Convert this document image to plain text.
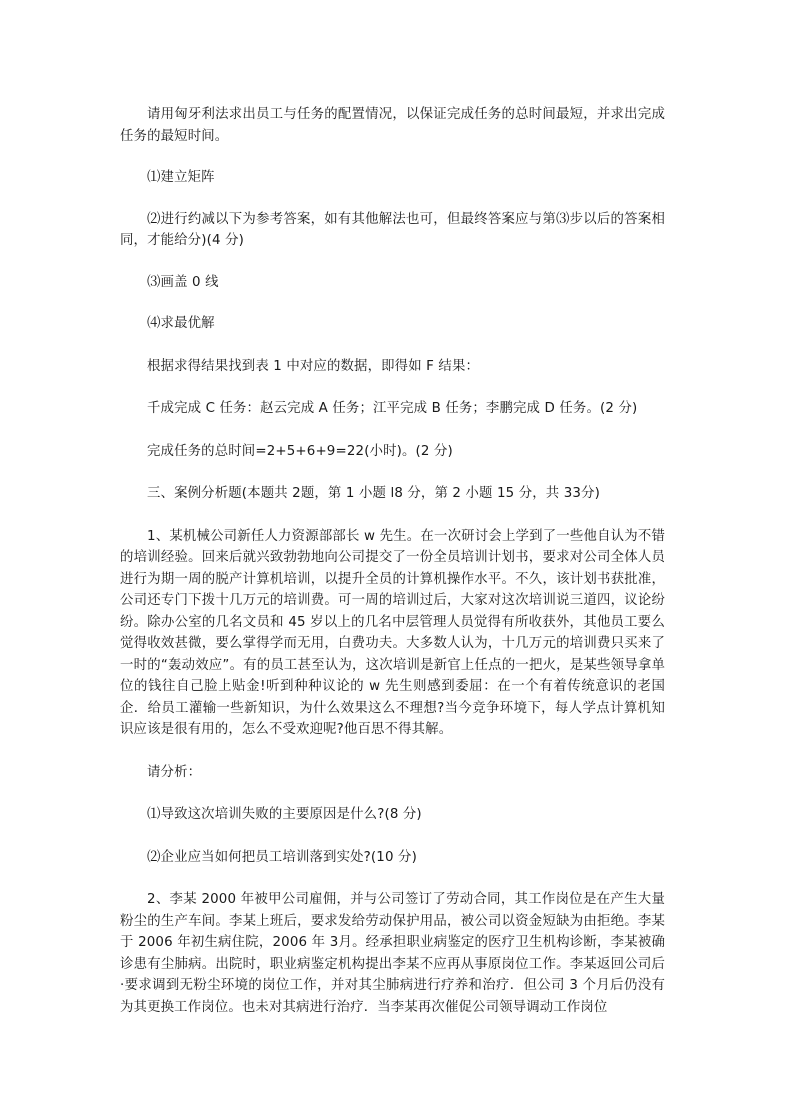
请用匈牙利法求出员工与任务的配置情况，以保证完成任务的总时间最短，并求出完成任务的最短时间。

⑴建立矩阵

⑵进行约减以下为参考答案，如有其他解法也可，但最终答案应与第⑶步以后的答案相同，才能给分)(4 分)

⑶画盖 0 线

⑷求最优解

根据求得结果找到表 1 中对应的数据，即得如 F 结果：

千成完成 C 任务：赵云完成 A 任务；江平完成 B 任务；李鹏完成 D 任务。(2 分)

完成任务的总时间=2+5+6+9=22(小时)。(2 分)

三、案例分析题(本题共 2题，第 1 小题 l8 分，第 2 小题 15 分，共 33分)

1、某机械公司新任人力资源部部长 w 先生。在一次研讨会上学到了一些他自认为不错的培训经验。回来后就兴致勃勃地向公司提交了一份全员培训计划书，要求对公司全体人员进行为期一周的脱产计算机培训，以提升全员的计算机操作水平。不久，该计划书获批准，公司还专门下拨十几万元的培训费。可一周的培训过后，大家对这次培训说三道四，议论纷纷。除办公室的几名文员和 45 岁以上的几名中层管理人员觉得有所收获外，其他员工要么觉得收效甚微，要么掌得学而无用，白费功夫。大多数人认为，十几万元的培训费只买来了一时的“轰动效应”。有的员工甚至认为，这次培训是新官上任点的一把火，是某些领导拿单位的钱往自己脸上贴金!听到种种议论的 w 先生则感到委屈：在一个有着传统意识的老国企．给员工灌输一些新知识，为什么效果这么不理想?当今竞争环境下，每人学点计算机知识应该是很有用的，怎么不受欢迎呢?他百思不得其解。

请分析：

⑴导致这次培训失败的主要原因是什么?(8 分)

⑵企业应当如何把员工培训落到实处?(10 分)

2、李某 2000 年被甲公司雇佣，并与公司签订了劳动合同，其工作岗位是在产生大量粉尘的生产车间。李某上班后，要求发给劳动保护用品，被公司以资金短缺为由拒绝。李某于 2006 年初生病住院，2006 年 3月。经承担职业病鉴定的医疗卫生机构诊断，李某被确诊患有尘肺病。出院时，职业病鉴定机构提出李某不应再从事原岗位工作。李某返回公司后·要求调到无粉尘环境的岗位工作，并对其尘肺病进行疗养和治疗．但公司 3 个月后仍没有为其更换工作岗位。也未对其病进行治疗．当李某再次催促公司领导调动工作岗位
